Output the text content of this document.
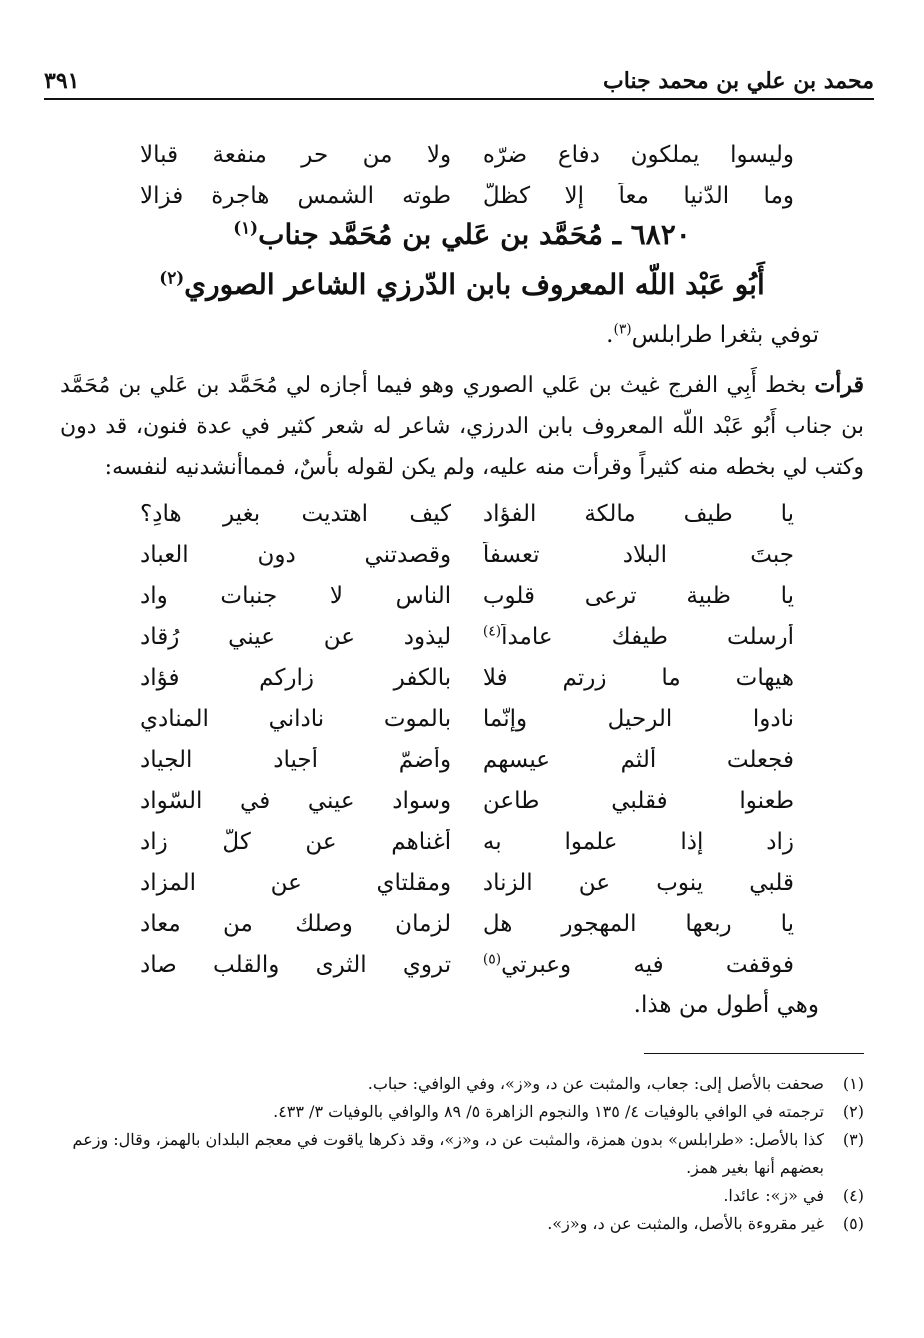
محمد بن علي بن محمد جناب
٣٩١
وليسوا يملكون دفاع ضرّه
ولا من حر منفعة قبالا
وما الدّنيا معاً إلا كظلّ
طوته الشمس هاجرة فزالا
٦٨٢٠ ـ مُحَمَّد بن عَلي بن مُحَمَّد جناب$^{(١)}$
أَبُو عَبْد اللّه المعروف بابن الدّرزي الشاعر الصوري$^{(٢)}$
توفي بثغرا طرابلس$^{(٣)}$.
قرأت بخط أَبِي الفرج غيث بن عَلي الصوري وهو فيما أجازه لي مُحَمَّد بن عَلي بن مُحَمَّد بن جناب أَبُو عَبْد اللّه المعروف بابن الدرزي، شاعر له شعر كثير في عدة فنون، قد دون وكتب لي بخطه منه كثيراً وقرأت منه عليه، ولم يكن لقوله بأسٌ، فمماأنشدنيه لنفسه:
يا طيف مالكة الفؤاد
كيف اهتديت بغير هادِ؟
جبتَ البلاد تعسفاً
وقصدتني دون العباد
يا ظبية ترعى قلوب
الناس لا جنبات واد
أرسلت طيفك عامداً$^{(٤)}$
ليذود عن عيني رُقاد
هيهات ما زرتم فلا
بالكفر زاركم فؤاد
نادوا الرحيل وإنّما
بالموت ناداني المنادي
فجعلت ألثم عيسهم
وأضمّ أجياد الجياد
طعنوا فقلبي طاعن
وسواد عيني في السّواد
زاد إذا علموا به
أغناهم عن كلّ زاد
قلبي ينوب عن الزناد
ومقلتاي عن المزاد
يا ربعها المهجور هل
لزمان وصلك من معاد
فوقفت فيه وعبرتي$^{(٥)}$
تروي الثرى والقلب صاد
وهي أطول من هذا.
(١)
صحفت بالأصل إلى: جعاب، والمثبت عن د، و«ز»، وفي الوافي: حباب.
(٢)
ترجمته في الوافي بالوفيات ٤/ ١٣٥ والنجوم الزاهرة ٥/ ٨٩ والوافي بالوفيات ٣/ ٤٣٣.
(٣)
كذا بالأصل: «طرابلس» بدون همزة، والمثبت عن د، و«ز»، وقد ذكرها ياقوت في معجم البلدان بالهمز، وقال: وزعم بعضهم أنها بغير همز.
(٤)
في «ز»: عائدا.
(٥)
غير مقروءة بالأصل، والمثبت عن د، و«ز».
